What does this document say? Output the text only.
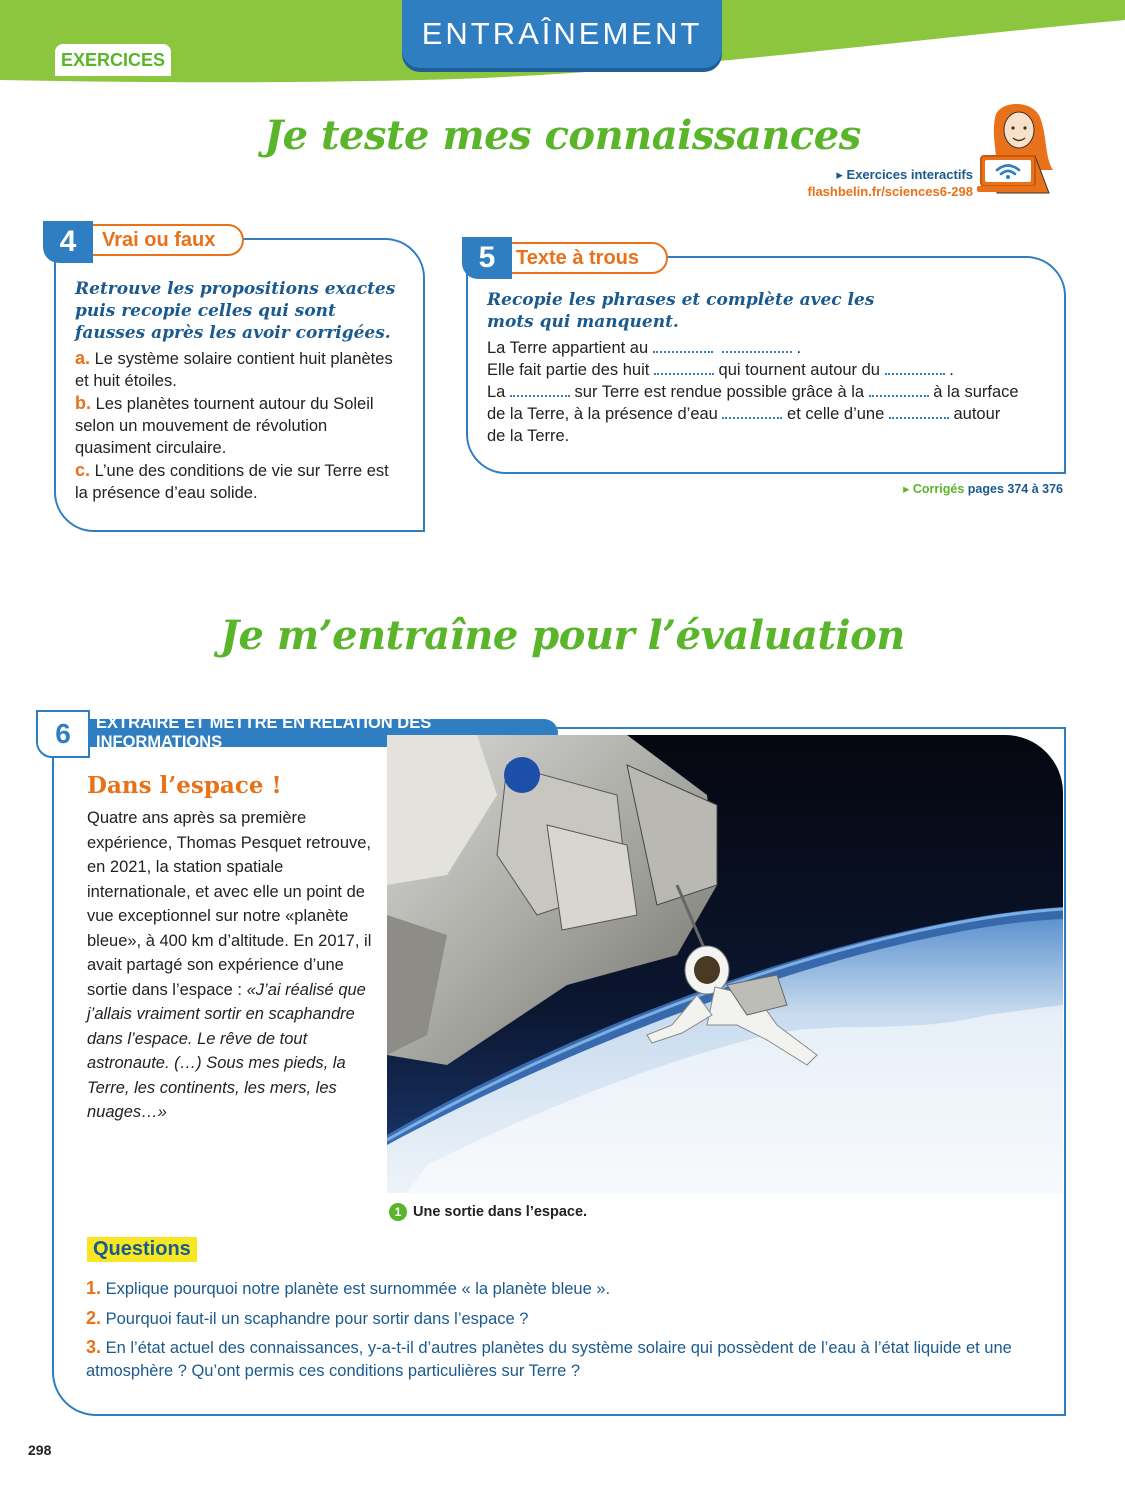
EXERCICES
ENTRAÎNEMENT
Je teste mes connaissances
▸ Exercices interactifs
flashbelin.fr/sciences6-298
Vrai ou faux
4
Retrouve les propositions exactes puis recopie celles qui sont fausses après les avoir corrigées.
a. Le système solaire contient huit planètes et huit étoiles.
b. Les planètes tournent autour du Soleil selon un mouvement de révolution quasiment circulaire.
c. L’une des conditions de vie sur Terre est la présence d’eau solide.
Texte à trous
5
Recopie les phrases et complète avec les mots qui manquent.
La Terre appartient au	.
Elle fait partie des huit	qui tournent autour du	.
La	sur Terre est rendue possible grâce à la	à la surface
de la Terre, à la présence d’eau	et celle d’une	autour
de la Terre.
▸ Corrigés pages 374 à 376
Je m’entraîne pour l’évaluation
EXTRAIRE ET METTRE EN RELATION DES INFORMATIONS
6
Dans l’espace !
Quatre ans après sa première expérience, Thomas Pesquet retrouve, en 2021, la station spatiale internationale, et avec elle un point de vue exceptionnel sur notre «planète bleue», à 400 km d’altitude. En 2017, il avait partagé son expérience d’une sortie dans l’espace : «J’ai réalisé que j’allais vraiment sortir en scaphandre dans l’espace. Le rêve de tout astronaute. (…) Sous mes pieds, la Terre, les continents, les mers, les nuages…»
1 Une sortie dans l’espace.
Questions
1. Explique pourquoi notre planète est surnommée « la planète bleue ».
2. Pourquoi faut-il un scaphandre pour sortir dans l’espace ?
3. En l’état actuel des connaissances, y-a-t-il d’autres planètes du système solaire qui possèdent de l’eau à l’état liquide et une atmosphère ? Qu’ont permis ces conditions particulières sur Terre ?
298
